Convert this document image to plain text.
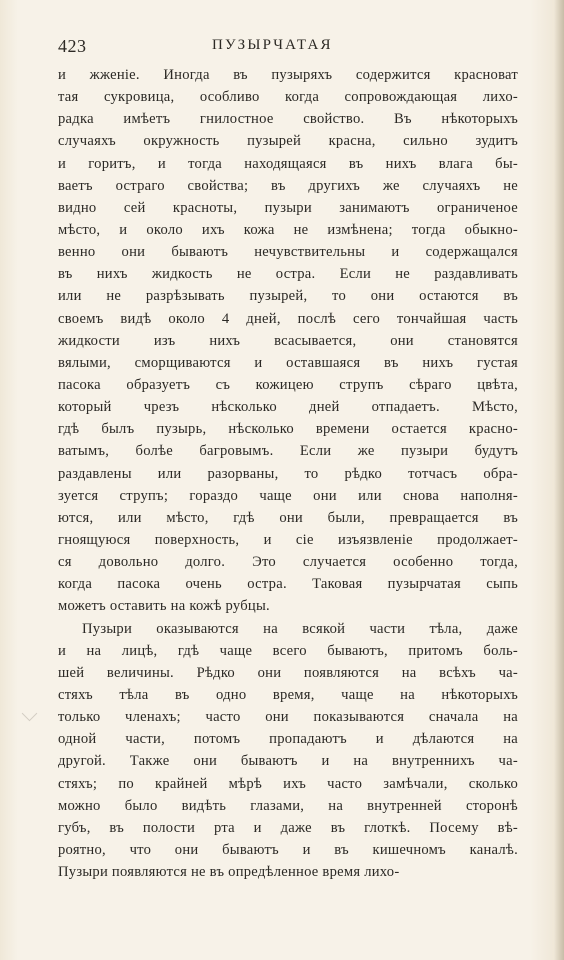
423	ПУЗЫРЧАТАЯ
и жженіе. Иногда въ пузыряхъ содержится красноват
тая сукровица, особливо когда сопровождающая лихо-
радка имѣетъ гнилостное свойство. Въ нѣкоторыхъ
случаяхъ окружность пузырей красна, сильно зудитъ
и горитъ, и тогда находящаяся въ нихъ влага бы-
ваетъ остраго свойства; въ другихъ же случаяхъ не
видно сей красноты, пузыри занимаютъ ограниченое
мѣсто, и около ихъ кожа не измѣнена; тогда обыкно-
венно они бываютъ нечувствительны и содержащался
въ нихъ жидкость не остра. Если не раздавливать
или не разрѣзывать пузырей, то они остаются въ
своемъ видѣ около 4 дней, послѣ сего тончайшая часть
жидкости изъ нихъ всасывается, они становятся
вялыми, сморщиваются и оставшаяся въ нихъ густая
пасока образуетъ съ кожицею струпъ сѣраго цвѣта,
который чрезъ нѣсколько дней отпадаетъ. Мѣсто,
гдѣ былъ пузырь, нѣсколько времени остается красно-
ватымъ, болѣе багровымъ. Если же пузыри будутъ
раздавлены или разорваны, то рѣдко тотчасъ обра-
зуется струпъ; гораздо чаще они или снова наполня-
ются, или мѣсто, гдѣ они были, превращается въ
гноящуюся поверхность, и сіе изъязвленіе продолжает-
ся довольно долго. Это случается особенно тогда,
когда пасока очень остра. Таковая пузырчатая сыпь
можетъ оставить на кожѣ рубцы.
Пузыри оказываются на всякой части тѣла, даже
и на лицѣ, гдѣ чаще всего бываютъ, притомъ боль-
шей величины. Рѣдко они появляются на всѣхъ ча-
стяхъ тѣла въ одно время, чаще на нѣкоторыхъ
только членахъ; часто они показываются сначала на
одной части, потомъ пропадаютъ и дѣлаются на
другой. Также они бываютъ и на внутреннихъ ча-
стяхъ; по крайней мѣрѣ ихъ часто замѣчали, сколько
можно было видѣть глазами, на внутренней сторонѣ
губъ, въ полости рта и даже въ глоткѣ. Посему вѣ-
роятно, что они бываютъ и въ кишечномъ каналѣ.
Пузыри появляются не въ опредѣленное время лихо-
